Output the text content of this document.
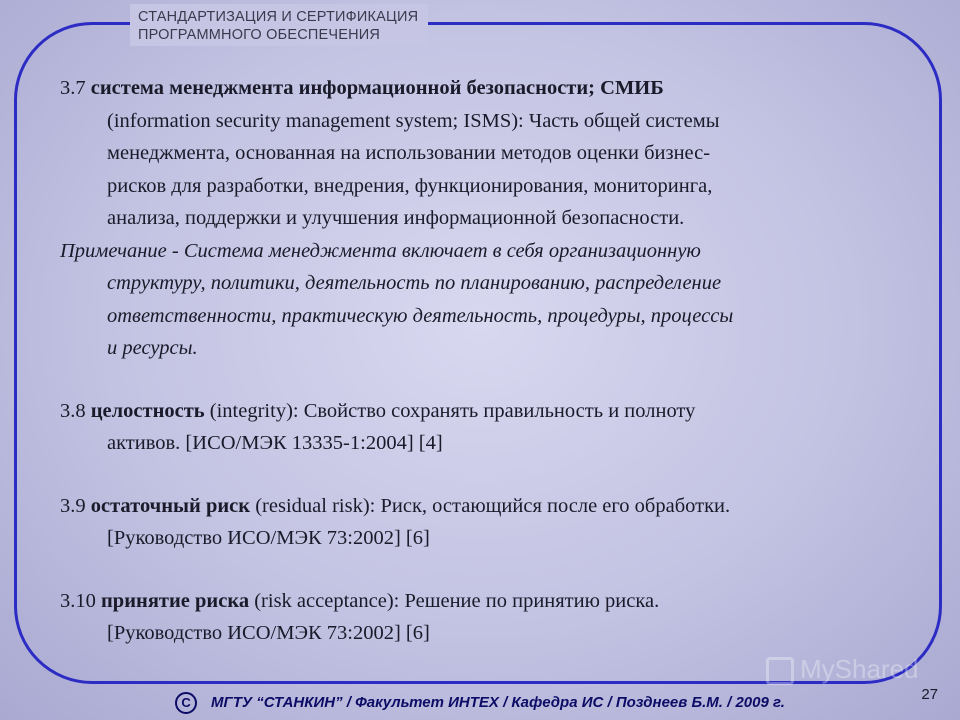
СТАНДАРТИЗАЦИЯ И СЕРТИФИКАЦИЯ
ПРОГРАММНОГО ОБЕСПЕЧЕНИЯ
3.7 система менеджмента информационной безопасности; СМИБ
(information security management system; ISMS): Часть общей системы
менеджмента, основанная на использовании методов оценки бизнес-
рисков для разработки, внедрения, функционирования, мониторинга,
анализа, поддержки и улучшения информационной безопасности.
Примечание - Система менеджмента включает в себя организационную
структуру, политики, деятельность по планированию, распределение
ответственности, практическую деятельность, процедуры, процессы
и ресурсы.
3.8 целостность (integrity): Свойство сохранять правильность и полноту
активов. [ИСО/МЭК 13335-1:2004] [4]
3.9 остаточный риск (residual risk): Риск, остающийся после его обработки.
[Руководство ИСО/МЭК 73:2002] [6]
3.10 принятие риска (risk acceptance): Решение по принятию риска.
[Руководство ИСО/МЭК 73:2002] [6]
MyShared
C МГТУ “СТАНКИН” / Факультет ИНТЕХ / Кафедра ИС / Позднеев Б.М. / 2009 г.	27
